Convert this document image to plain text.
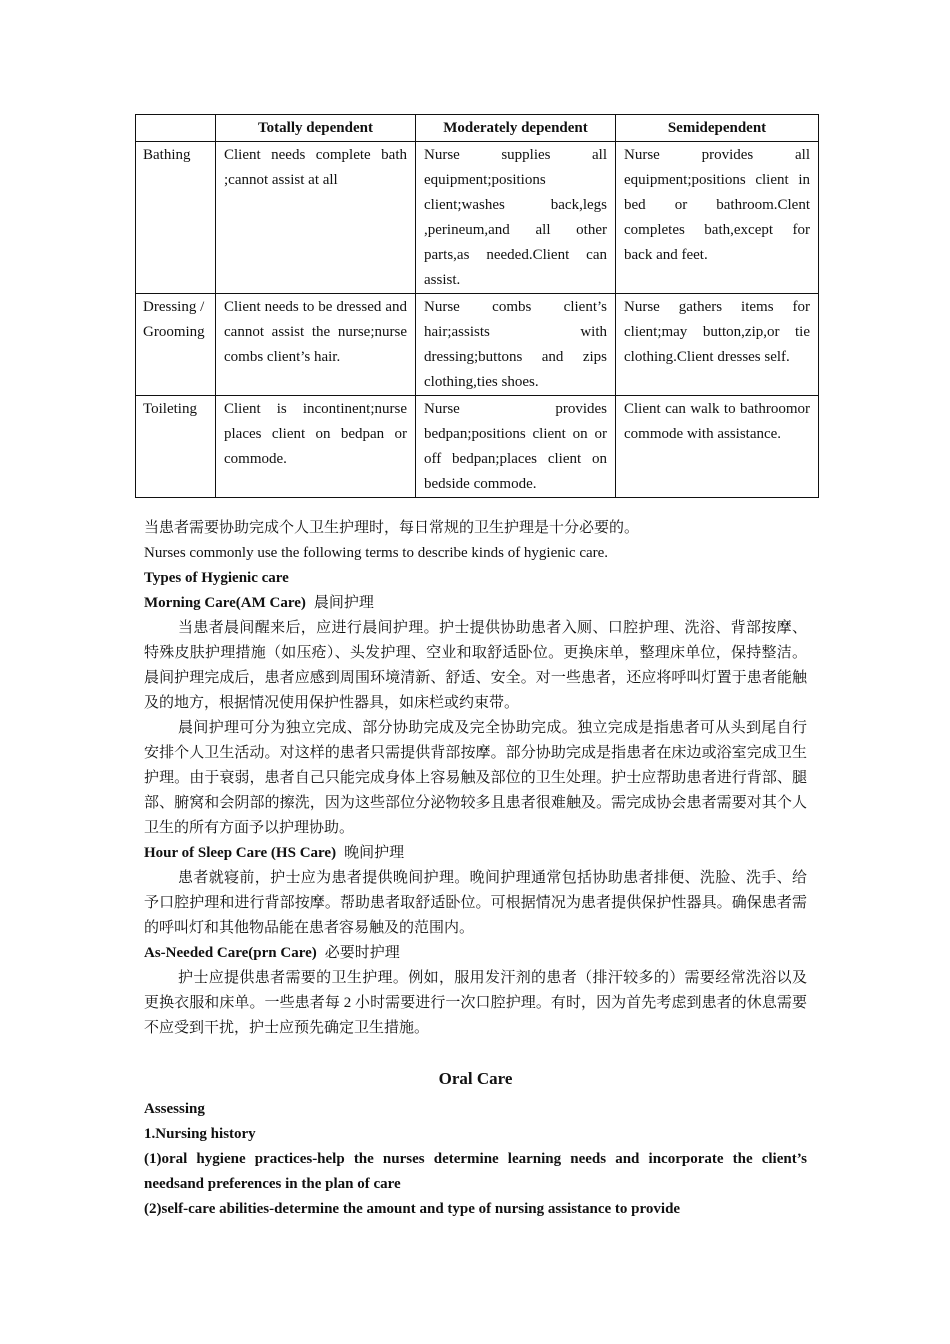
	Totally dependent	Moderately dependent	Semidependent
Bathing	Client needs complete bath ;cannot assist at all	Nurse supplies all equipment;positions client;washes back,legs ,perineum,and all other parts,as needed.Client can assist.	Nurse provides all equipment;positions client in bed or bathroom.Clent completes bath,except for back and feet.
Dressing /Grooming	Client needs to be dressed and cannot assist the nurse;nurse combs client’s hair.	Nurse combs client’s hair;assists with dressing;buttons and zips clothing,ties shoes.	Nurse gathers items for client;may button,zip,or tie clothing.Client dresses self.
Toileting	Client is incontinent;nurse places client on bedpan or commode.	Nurse provides bedpan;positions client on or off bedpan;places client on bedside commode.	Client can walk to bathroomor commode with assistance.

当患者需要协助完成个人卫生护理时，每日常规的卫生护理是十分必要的。

Nurses commonly use the following terms to describe kinds of hygienic care.

Types of Hygienic care

Morning Care(AM Care) 晨间护理

当患者晨间醒来后，应进行晨间护理。护士提供协助患者入厕、口腔护理、洗浴、背部按摩、特殊皮肤护理措施（如压疮）、头发护理、空业和取舒适卧位。更换床单，整理床单位，保持整洁。晨间护理完成后，患者应感到周围环境清新、舒适、安全。对一些患者，还应将呼叫灯置于患者能触及的地方，根据情况使用保护性器具，如床栏或约束带。

晨间护理可分为独立完成、部分协助完成及完全协助完成。独立完成是指患者可从头到尾自行安排个人卫生活动。对这样的患者只需提供背部按摩。部分协助完成是指患者在床边或浴室完成卫生护理。由于衰弱，患者自己只能完成身体上容易触及部位的卫生处理。护士应帮助患者进行背部、腿部、腑窝和会阴部的擦洗，因为这些部位分泌物较多且患者很难触及。需完成协会患者需要对其个人卫生的所有方面予以护理协助。

Hour of Sleep Care (HS Care) 晚间护理

患者就寝前，护士应为患者提供晚间护理。晚间护理通常包括协助患者排便、洗脸、洗手、给予口腔护理和进行背部按摩。帮助患者取舒适卧位。可根据情况为患者提供保护性器具。确保患者需的呼叫灯和其他物品能在患者容易触及的范围内。

As-Needed Care(prn Care) 必要时护理

护士应提供患者需要的卫生护理。例如，服用发汗剂的患者（排汗较多的）需要经常洗浴以及更换衣服和床单。一些患者每 2 小时需要进行一次口腔护理。有时，因为首先考虑到患者的休息需要不应受到干扰，护士应预先确定卫生措施。

Oral Care

Assessing

1.Nursing history

(1)oral hygiene practices-help the nurses determine learning needs and incorporate the client’s needsand preferences in the plan of care

(2)self-care abilities-determine the amount and type of nursing assistance to provide
